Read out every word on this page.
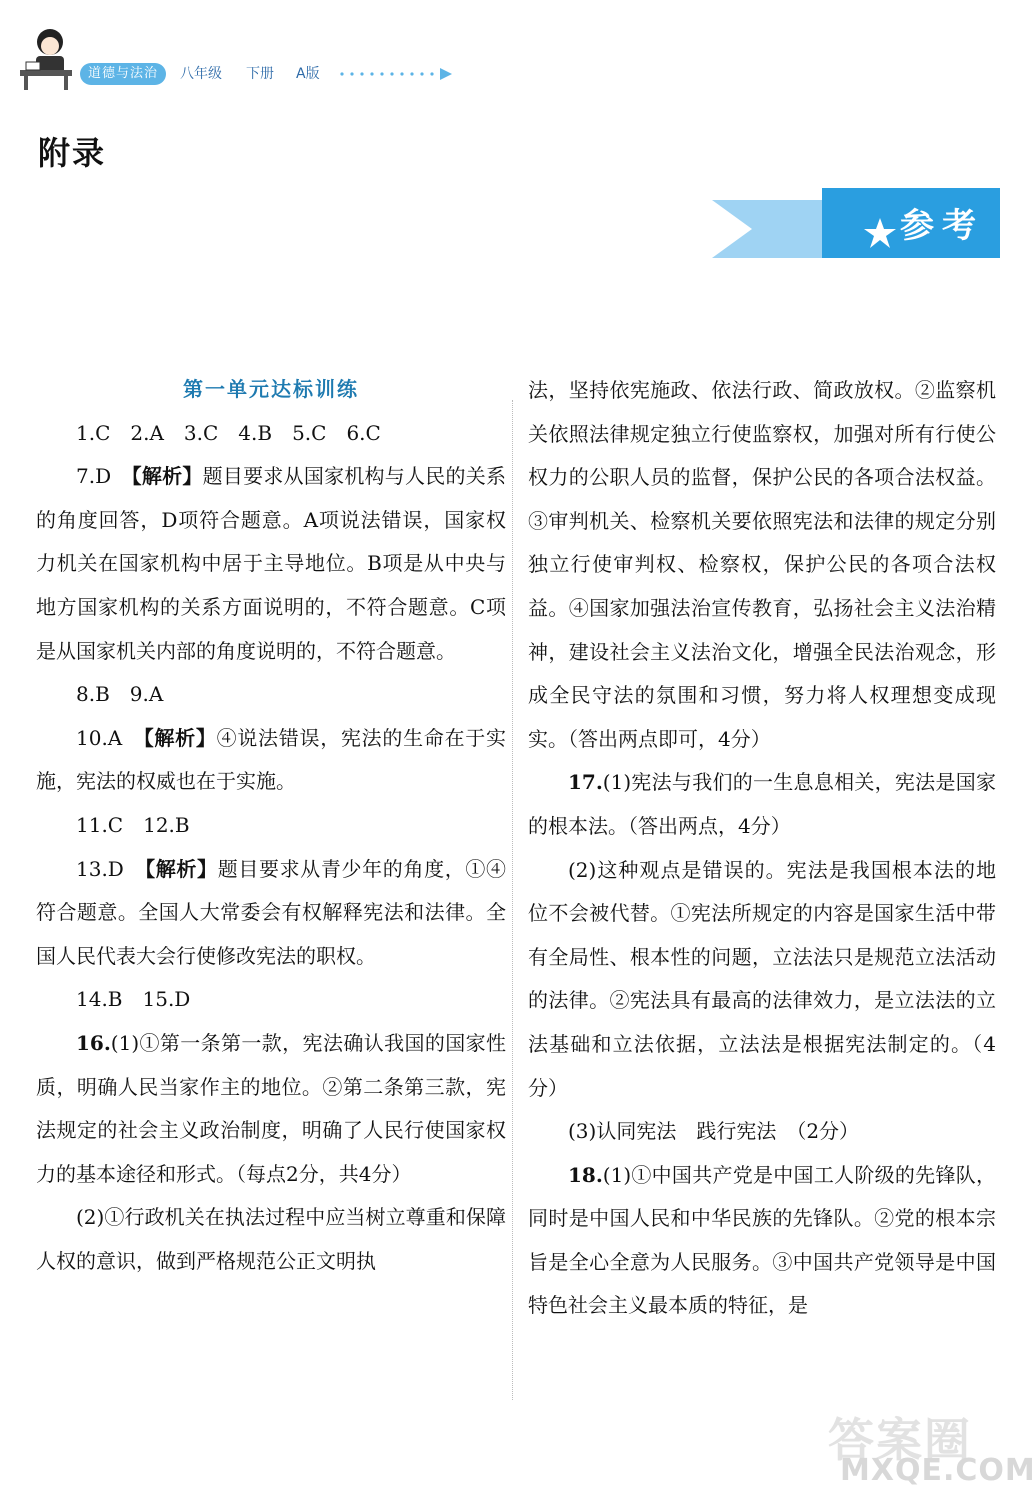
道德与法治	八年级 下册 A版
附录
参考

第一单元达标训练

1.C　2.A　3.C　4.B　5.C　6.C

7.D　 【解析】题目要求从国家机构与人民的关系的角度回答，D项符合题意。A项说法错误，国家权力机关在国家机构中居于主导地位。B项是从中央与地方国家机构的关系方面说明的，不符合题意。C项是从国家机关内部的角度说明的，不符合题意。

8.B　9.A

10.A　 【解析】④说法错误，宪法的生命在于实施，宪法的权威也在于实施。

11.C　12.B

13.D　 【解析】题目要求从青少年的角度，①④符合题意。全国人大常委会有权解释宪法和法律。全国人民代表大会行使修改宪法的职权。

14.B　15.D

16.(1)①第一条第一款，宪法确认我国的国家性质，明确人民当家作主的地位。②第二条第三款，宪法规定的社会主义政治制度，明确了人民行使国家权力的基本途径和形式。（每点2分，共4分）

(2)①行政机关在执法过程中应当树立尊重和保障人权的意识，做到严格规范公正文明执

法，坚持依宪施政、依法行政、简政放权。②监察机关依照法律规定独立行使监察权，加强对所有行使公权力的公职人员的监督，保护公民的各项合法权益。③审判机关、检察机关要依照宪法和法律的规定分别独立行使审判权、检察权，保护公民的各项合法权益。④国家加强法治宣传教育，弘扬社会主义法治精神，建设社会主义法治文化，增强全民法治观念，形成全民守法的氛围和习惯，努力将人权理想变成现实。（答出两点即可，4分）

17.(1)宪法与我们的一生息息相关，宪法是国家的根本法。（答出两点，4分）

(2)这种观点是错误的。宪法是我国根本法的地位不会被代替。①宪法所规定的内容是国家生活中带有全局性、根本性的问题，立法法只是规范立法活动的法律。②宪法具有最高的法律效力，是立法法的立法基础和立法依据，立法法是根据宪法制定的。（4分）

(3)认同宪法　践行宪法　（2分）

18.(1)①中国共产党是中国工人阶级的先锋队，同时是中国人民和中华民族的先锋队。②党的根本宗旨是全心全意为人民服务。③中国共产党领导是中国特色社会主义最本质的特征，是

答案圈
MXQE.COM
